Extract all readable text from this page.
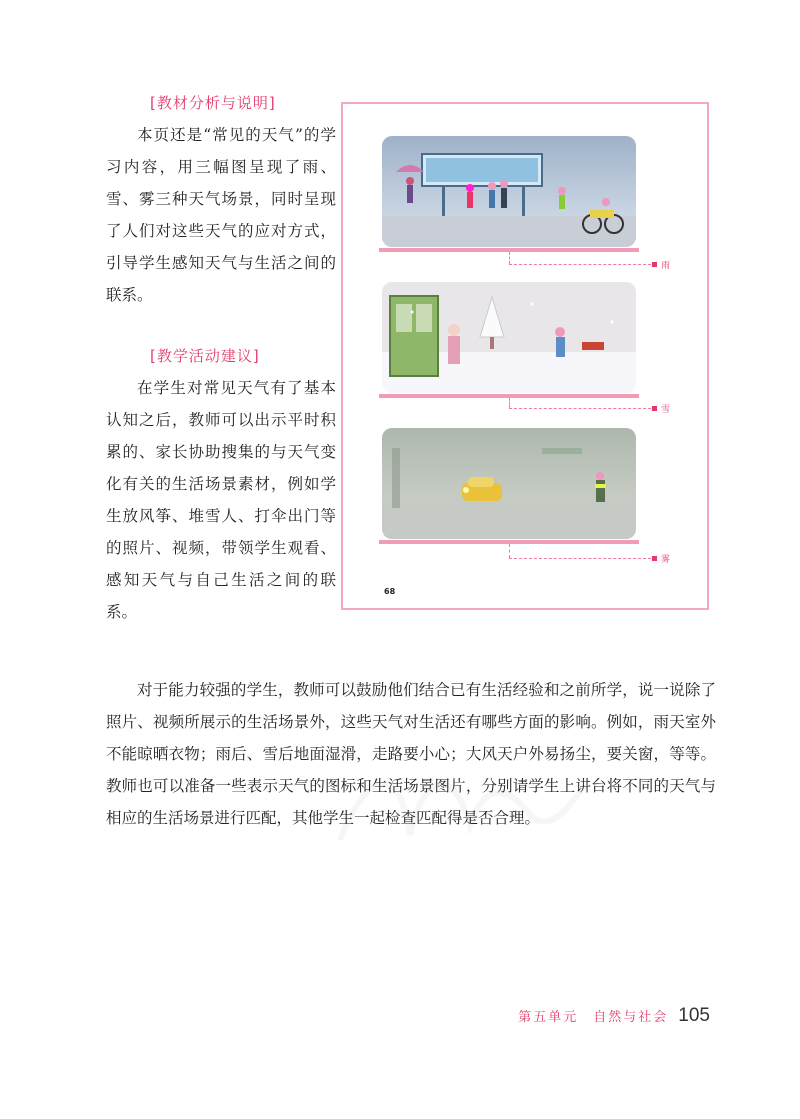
[教材分析与说明]

本页还是“常见的天气”的学习内容，用三幅图呈现了雨、雪、雾三种天气场景，同时呈现了人们对这些天气的应对方式，引导学生感知天气与生活之间的联系。

[教学活动建议]

在学生对常见天气有了基本认知之后，教师可以出示平时积累的、家长协助搜集的与天气变化有关的生活场景素材，例如学生放风筝、堆雪人、打伞出门等的照片、视频，带领学生观看、感知天气与自己生活之间的联系。

雨
雪
雾
68

对于能力较强的学生，教师可以鼓励他们结合已有生活经验和之前所学，说一说除了照片、视频所展示的生活场景外，这些天气对生活还有哪些方面的影响。例如，雨天室外不能晾晒衣物；雨后、雪后地面湿滑，走路要小心；大风天户外易扬尘，要关窗，等等。教师也可以准备一些表示天气的图标和生活场景图片，分别请学生上讲台将不同的天气与相应的生活场景进行匹配，其他学生一起检查匹配得是否合理。

第五单元　自然与社会 105
